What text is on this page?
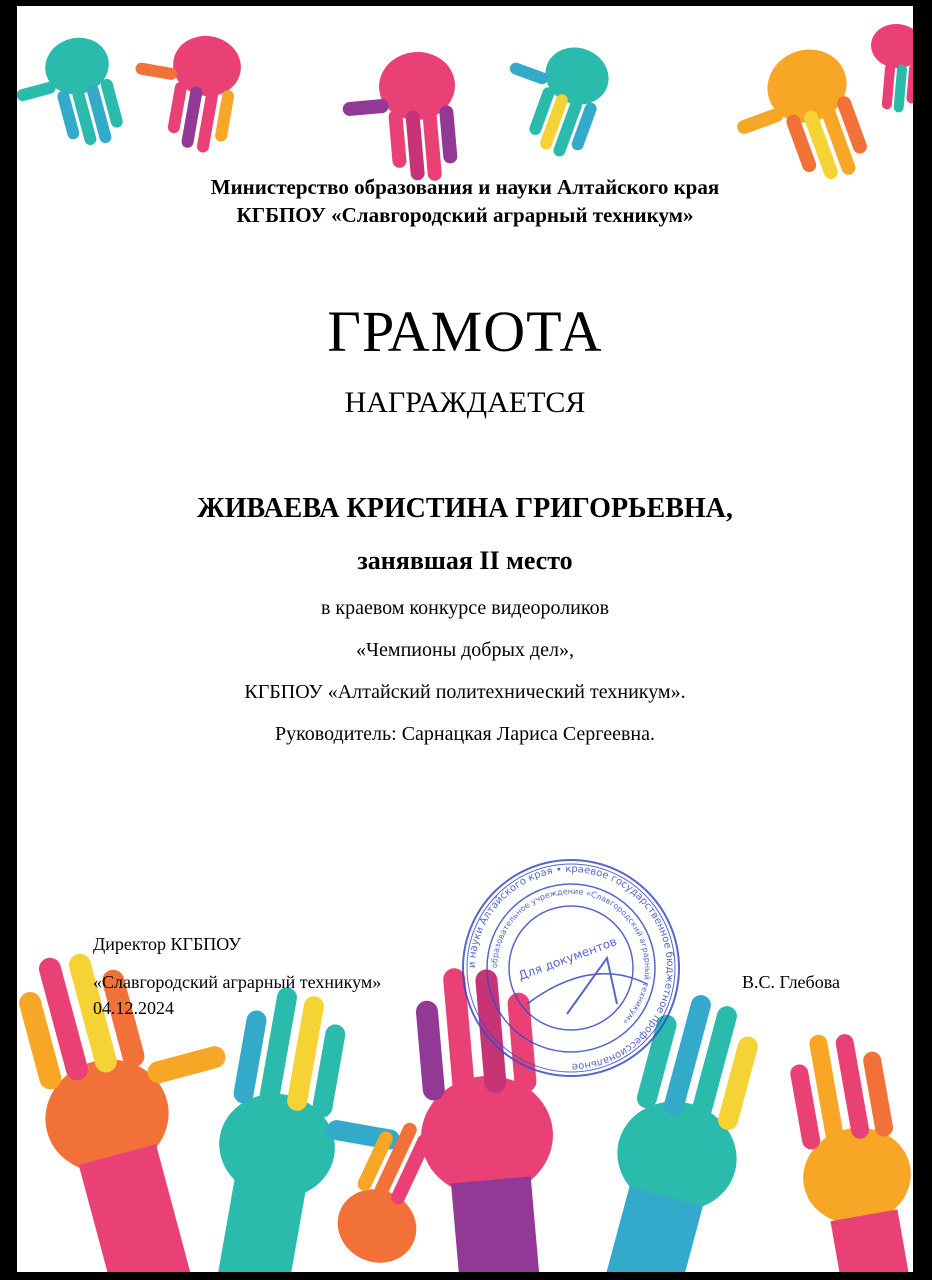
и науки Алтайского края • краевое государственное бюджетное профессиональное
образовательное учреждение «Славгородский аграрный техникум»
Для документов
Министерство образования и науки Алтайского края
КГБПОУ «Славгородский аграрный техникум»
ГРАМОТА
НАГРАЖДАЕТСЯ
ЖИВАЕВА КРИСТИНА ГРИГОРЬЕВНА,
занявшая II место
в краевом конкурсе видеороликов
«Чемпионы добрых дел»,
КГБПОУ «Алтайский политехнический техникум».
Руководитель: Сарнацкая Лариса Сергеевна.
Директор КГБПОУ
«Славгородский аграрный техникум»
04.12.2024
В.С. Глебова
